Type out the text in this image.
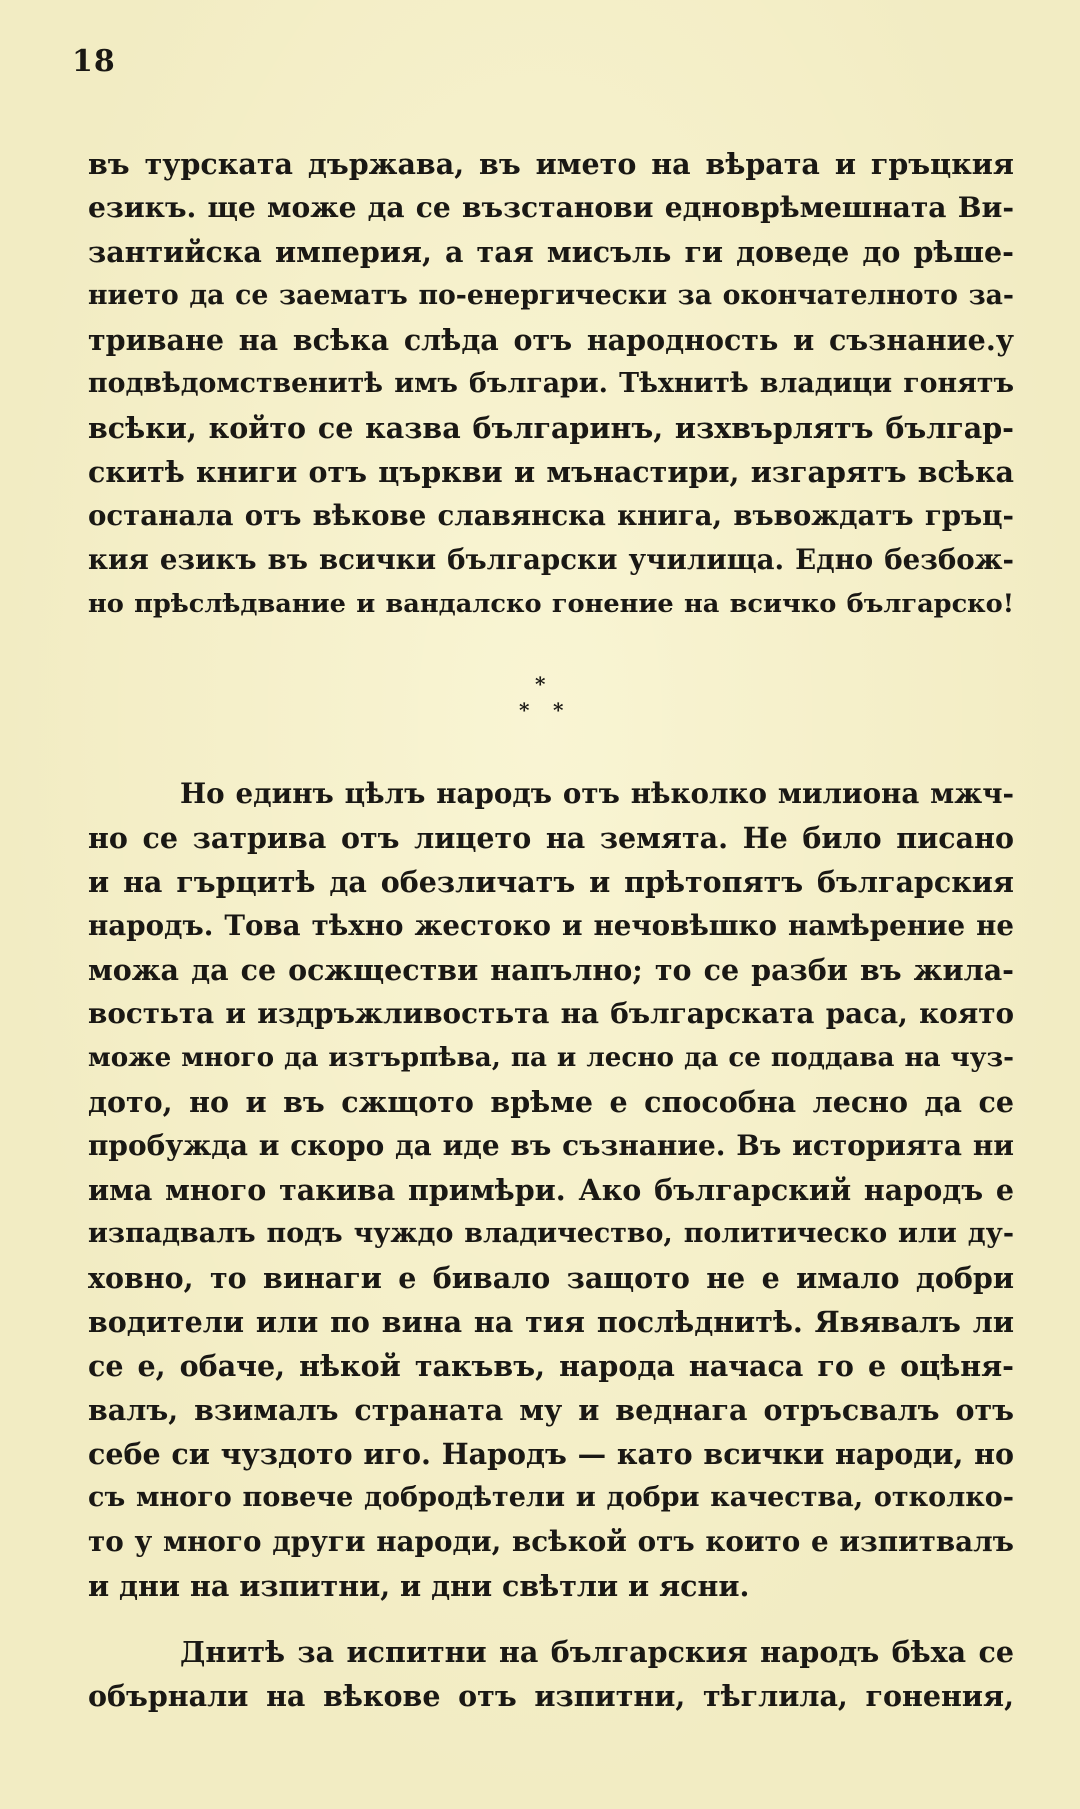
18
въ турската държава, въ името на вѣрата и гръцкия
езикъ. ще може да се възстанови едноврѣмешната Ви-
зантийска империя, а тая мисъль ги доведе до рѣше-
нието да се заематъ по-енергически за окончателното за-
триване на всѣка слѣда отъ народность и съзнание.у
подвѣдомственитѣ имъ българи. Тѣхнитѣ владици гонятъ
всѣки, който се казва българинъ, изхвърлятъ българ-
скитѣ книги отъ църкви и мънастири, изгарятъ всѣка
останала отъ вѣкове славянска книга, въвождатъ гръц-
кия езикъ въ всички български училища. Едно безбож-
но прѣслѣдвание и вандалско гонение на всичко българско!
*
* *
Но единъ цѣлъ народъ отъ нѣколко милиона мжч-
но се затрива отъ лицето на земята. Не било писано
и на гърцитѣ да обезличатъ и прѣтопятъ българския
народъ. Това тѣхно жестоко и нечовѣшко намѣрение не
можа да се осжществи напълно; то се разби въ жила-
востьта и издръжливостьта на българската раса, която
може много да изтърпѣва, па и лесно да се поддава на чуз-
дото, но и въ сжщото врѣме е способна лесно да се
пробужда и скоро да иде въ съзнание. Въ историята ни
има много такива примѣри. Ако българский народъ е
изпадвалъ подъ чуждо владичество, политическо или ду-
ховно, то винаги е бивало защото не е имало добри
водители или по вина на тия послѣднитѣ. Явявалъ ли
се е, обаче, нѣкой такъвъ, народа начаса го е оцѣня-
валъ, взималъ страната му и веднага отръсвалъ отъ
себе си чуздото иго. Народъ — като всички народи, но
съ много повече добродѣтели и добри качества, отколко-
то у много други народи, всѣкой отъ които е изпитвалъ
и дни на изпитни, и дни свѣтли и ясни.
Днитѣ за испитни на българския народъ бѣха се
обърнали на вѣкове отъ изпитни, тѣглила, гонения,
